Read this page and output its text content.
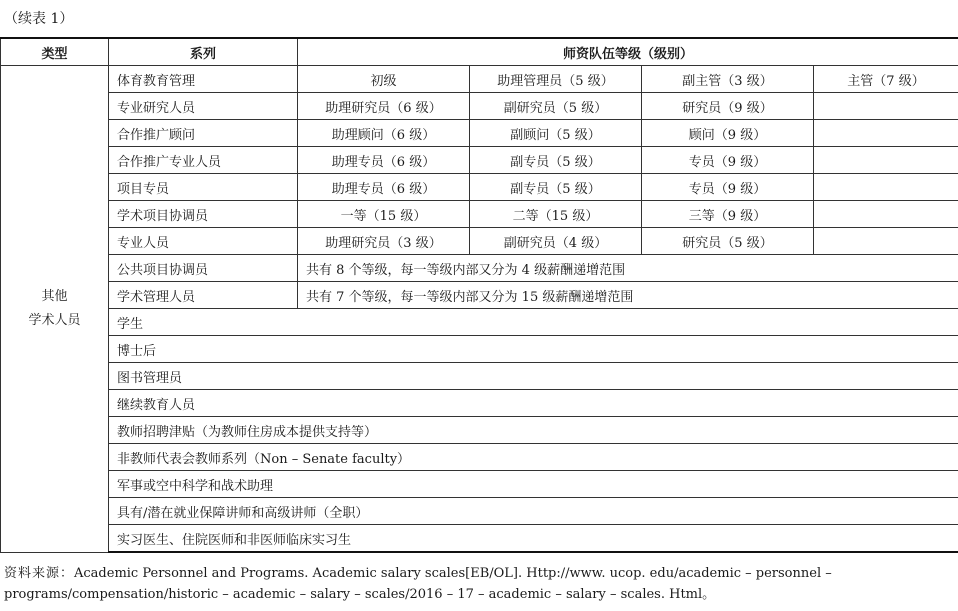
（续表 1）
类型	系列	师资队伍等级（级别）			

其他
学术人员	体育教育管理	初级	助理管理员（5 级）	副主管（3 级）	主管（7 级）
	专业研究人员	助理研究员（6 级）	副研究员（5 级）	研究员（9 级）	
	合作推广顾问	助理顾问（6 级）	副顾问（5 级）	顾问（9 级）	
	合作推广专业人员	助理专员（6 级）	副专员（5 级）	专员（9 级）	
	项目专员	助理专员（6 级）	副专员（5 级）	专员（9 级）	
	学术项目协调员	一等（15 级）	二等（15 级）	三等（9 级）	
	专业人员	助理研究员（3 级）	副研究员（4 级）	研究员（5 级）	
	公共项目协调员	共有 8 个等级，每一等级内部又分为 4 级薪酬递增范围			
	学术管理人员	共有 7 个等级，每一等级内部又分为 15 级薪酬递增范围			
	学生				
	博士后				
	图书管理员				
	继续教育人员				
	教师招聘津贴（为教师住房成本提供支持等）				
	非教师代表会教师系列（Non – Senate faculty）				
	军事或空中科学和战术助理				
	具有/潜在就业保障讲师和高级讲师（全职）				
	实习医生、住院医师和非医师临床实习生				
资料来源：Academic Personnel and Programs. Academic salary scales[EB/OL]. Http://www. ucop. edu/academic – personnel – programs/compensation/historic – academic – salary – scales/2016 – 17 – academic – salary – scales. Html。
